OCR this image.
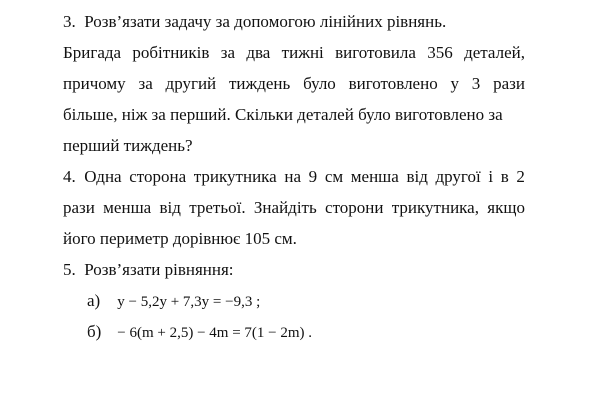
3. Розв’язати задачу за допомогою лінійних рівнянь.
Бригада робітників за два тижні виготовила 356 деталей,
причому за другий тиждень було виготовлено у 3 рази
більше, ніж за перший. Скільки деталей було виготовлено за
перший тиждень?
4. Одна сторона трикутника на 9 см менша від другої і в 2
рази менша від третьої. Знайдіть сторони трикутника, якщо
його периметр дорівнює 105 см.
5. Розв’язати рівняння:
а) y − 5,2y + 7,3y = −9,3 ;
б) − 6(m + 2,5) − 4m = 7(1 − 2m) .
